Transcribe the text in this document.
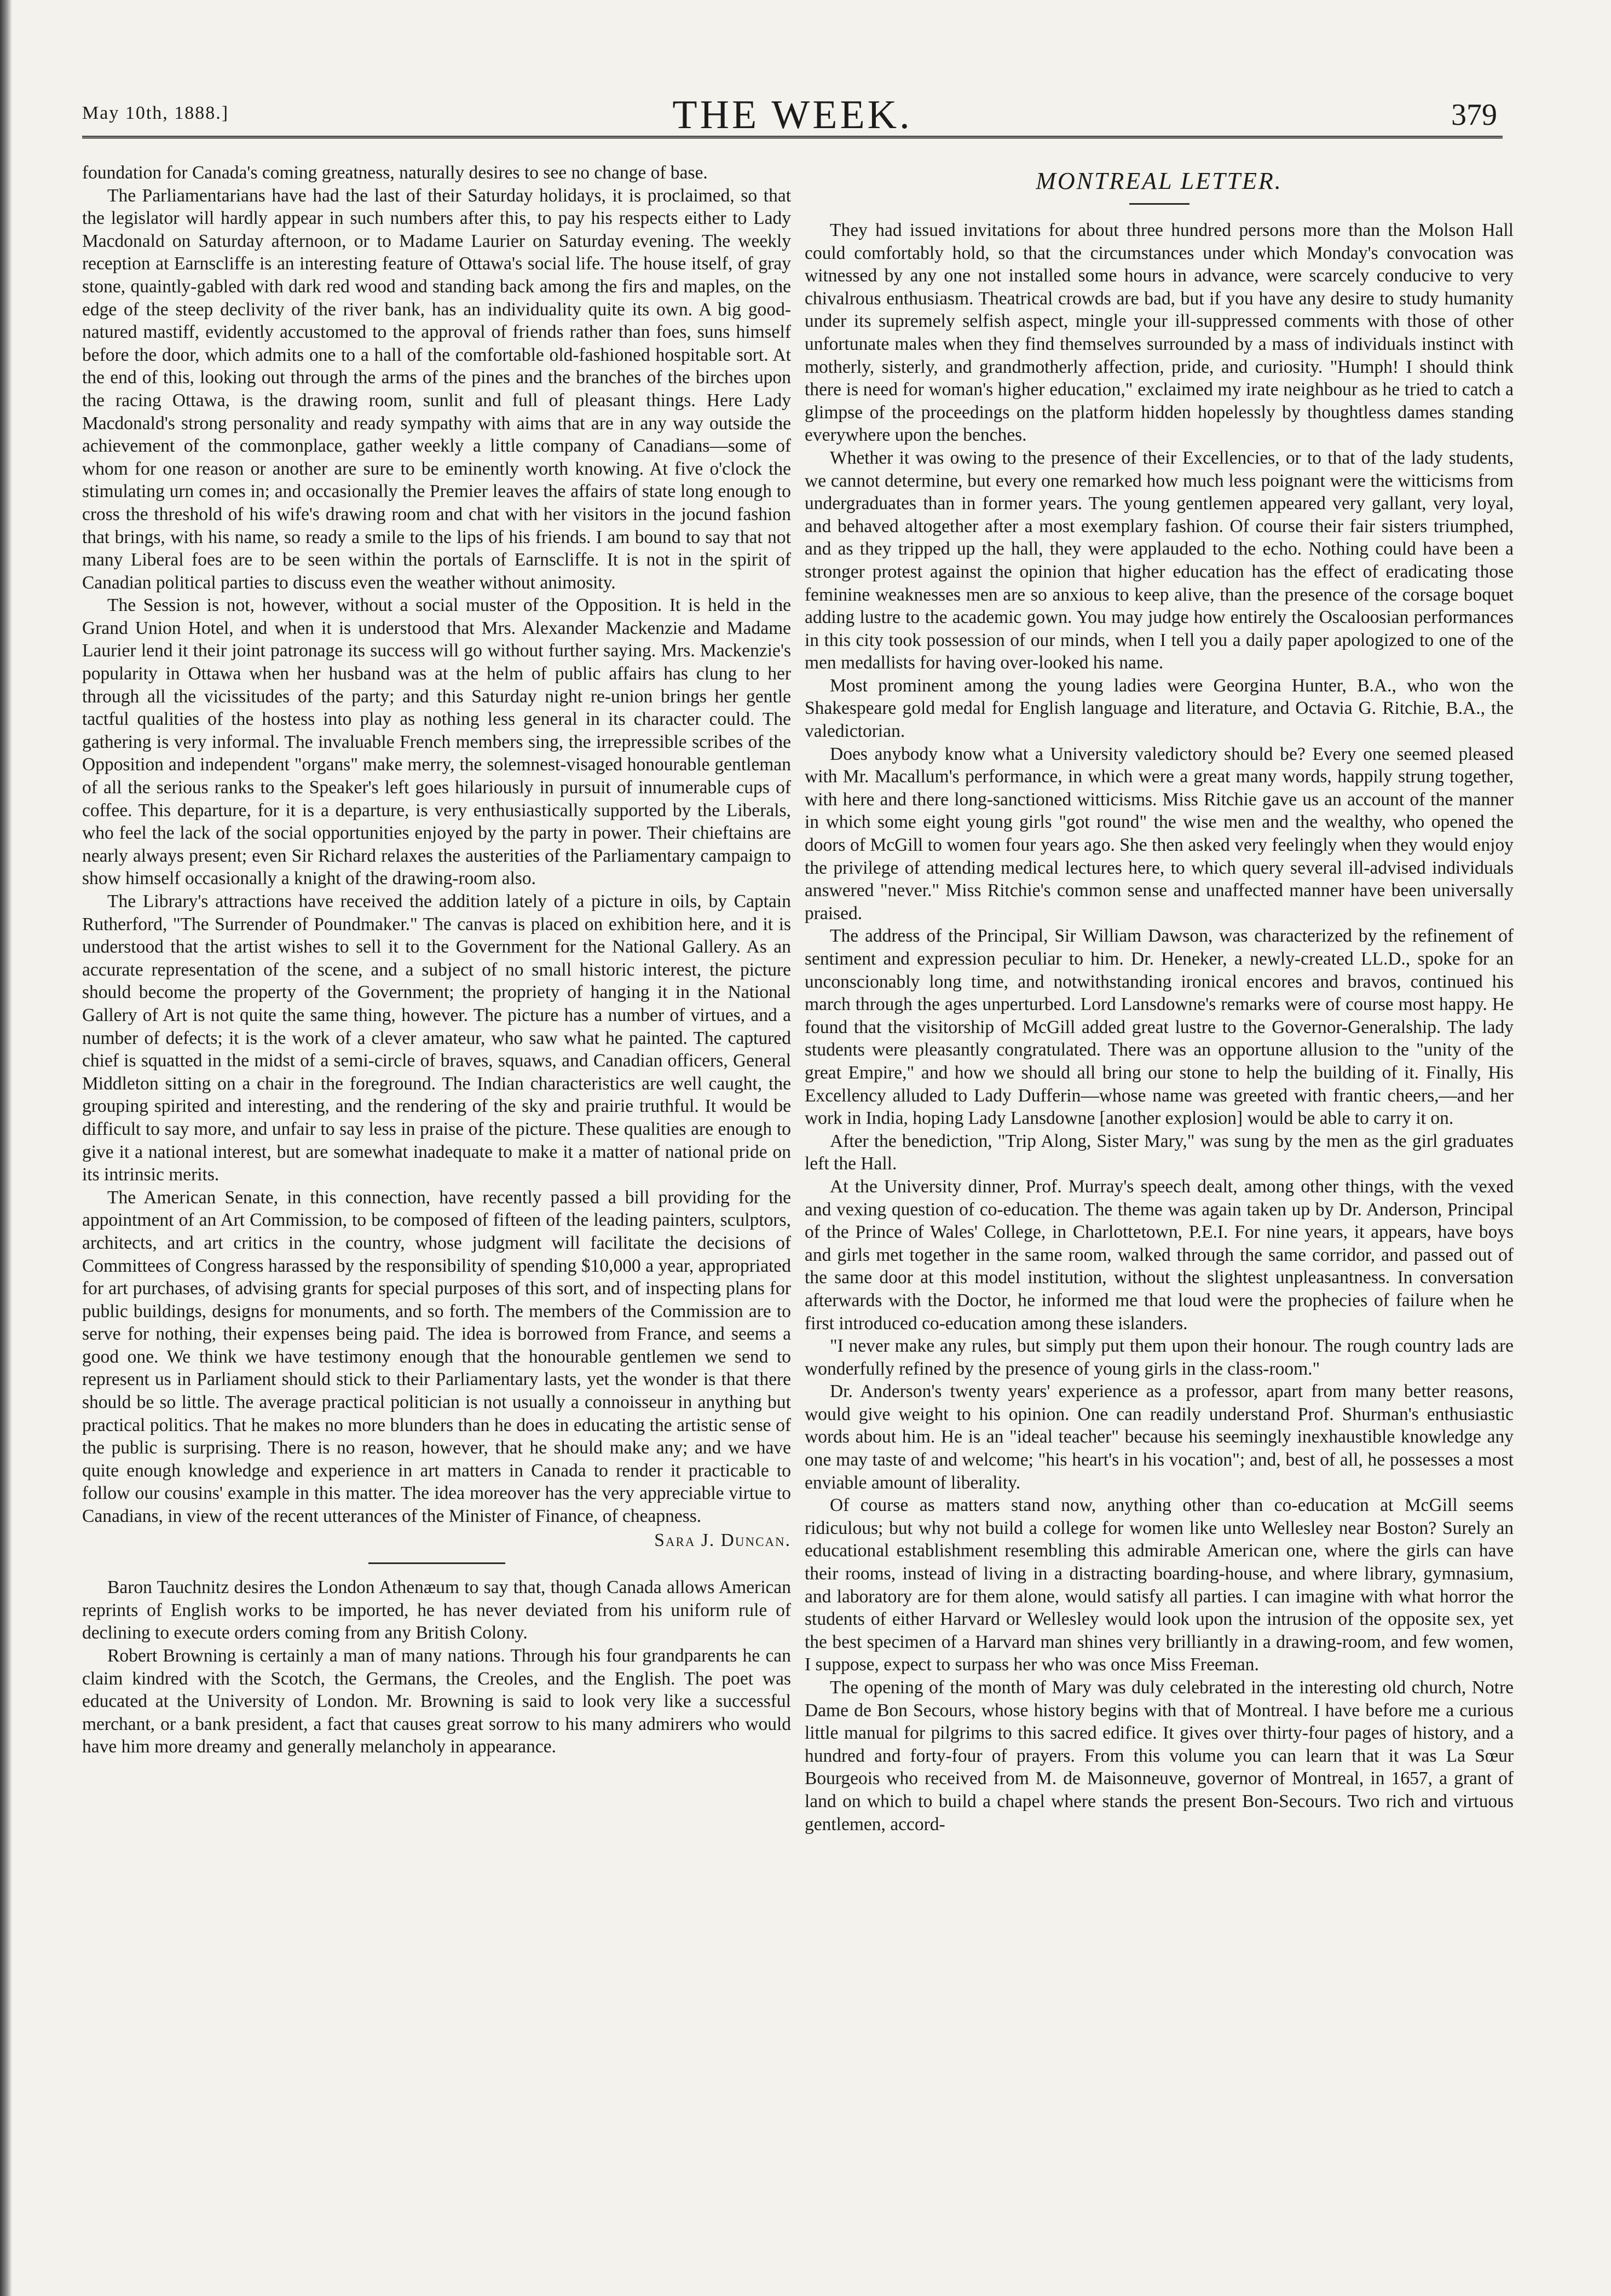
May 10th, 1888.]	THE WEEK.	379

foundation for Canada's coming greatness, naturally desires to see no change of base.

The Parliamentarians have had the last of their Saturday holidays, it is proclaimed, so that the legislator will hardly appear in such numbers after this, to pay his respects either to Lady Macdonald on Saturday afternoon, or to Madame Laurier on Saturday evening. The weekly reception at Earnscliffe is an interesting feature of Ottawa's social life. The house itself, of gray stone, quaintly-gabled with dark red wood and standing back among the firs and maples, on the edge of the steep declivity of the river bank, has an individuality quite its own. A big good-natured mastiff, evidently accustomed to the approval of friends rather than foes, suns himself before the door, which admits one to a hall of the comfortable old-fashioned hospitable sort. At the end of this, looking out through the arms of the pines and the branches of the birches upon the racing Ottawa, is the drawing room, sunlit and full of pleasant things. Here Lady Macdonald's strong personality and ready sympathy with aims that are in any way outside the achievement of the commonplace, gather weekly a little company of Canadians—some of whom for one reason or another are sure to be eminently worth knowing. At five o'clock the stimulating urn comes in; and occasionally the Premier leaves the affairs of state long enough to cross the threshold of his wife's drawing room and chat with her visitors in the jocund fashion that brings, with his name, so ready a smile to the lips of his friends. I am bound to say that not many Liberal foes are to be seen within the portals of Earnscliffe. It is not in the spirit of Canadian political parties to discuss even the weather without animosity.

The Session is not, however, without a social muster of the Opposition. It is held in the Grand Union Hotel, and when it is understood that Mrs. Alexander Mackenzie and Madame Laurier lend it their joint patronage its success will go without further saying. Mrs. Mackenzie's popularity in Ottawa when her husband was at the helm of public affairs has clung to her through all the vicissitudes of the party; and this Saturday night re-union brings her gentle tactful qualities of the hostess into play as nothing less general in its character could. The gathering is very informal. The invaluable French members sing, the irrepressible scribes of the Opposition and independent "organs" make merry, the solemnest-visaged honourable gentleman of all the serious ranks to the Speaker's left goes hilariously in pursuit of innumerable cups of coffee. This departure, for it is a departure, is very enthusiastically supported by the Liberals, who feel the lack of the social opportunities enjoyed by the party in power. Their chieftains are nearly always present; even Sir Richard relaxes the austerities of the Parliamentary campaign to show himself occasionally a knight of the drawing-room also.

The Library's attractions have received the addition lately of a picture in oils, by Captain Rutherford, "The Surrender of Poundmaker." The canvas is placed on exhibition here, and it is understood that the artist wishes to sell it to the Government for the National Gallery. As an accurate representation of the scene, and a subject of no small historic interest, the picture should become the property of the Government; the propriety of hanging it in the National Gallery of Art is not quite the same thing, however. The picture has a number of virtues, and a number of defects; it is the work of a clever amateur, who saw what he painted. The captured chief is squatted in the midst of a semi-circle of braves, squaws, and Canadian officers, General Middleton sitting on a chair in the foreground. The Indian characteristics are well caught, the grouping spirited and interesting, and the rendering of the sky and prairie truthful. It would be difficult to say more, and unfair to say less in praise of the picture. These qualities are enough to give it a national interest, but are somewhat inadequate to make it a matter of national pride on its intrinsic merits.

The American Senate, in this connection, have recently passed a bill providing for the appointment of an Art Commission, to be composed of fifteen of the leading painters, sculptors, architects, and art critics in the country, whose judgment will facilitate the decisions of Committees of Congress harassed by the responsibility of spending $10,000 a year, appropriated for art purchases, of advising grants for special purposes of this sort, and of inspecting plans for public buildings, designs for monuments, and so forth. The members of the Commission are to serve for nothing, their expenses being paid. The idea is borrowed from France, and seems a good one. We think we have testimony enough that the honourable gentlemen we send to represent us in Parliament should stick to their Parliamentary lasts, yet the wonder is that there should be so little. The average practical politician is not usually a connoisseur in anything but practical politics. That he makes no more blunders than he does in educating the artistic sense of the public is surprising. There is no reason, however, that he should make any; and we have quite enough knowledge and experience in art matters in Canada to render it practicable to follow our cousins' example in this matter. The idea moreover has the very appreciable virtue to Canadians, in view of the recent utterances of the Minister of Finance, of cheapness.

Sara J. Duncan.

Baron Tauchnitz desires the London Athenæum to say that, though Canada allows American reprints of English works to be imported, he has never deviated from his uniform rule of declining to execute orders coming from any British Colony.

Robert Browning is certainly a man of many nations. Through his four grandparents he can claim kindred with the Scotch, the Germans, the Creoles, and the English. The poet was educated at the University of London. Mr. Browning is said to look very like a successful merchant, or a bank president, a fact that causes great sorrow to his many admirers who would have him more dreamy and generally melancholy in appearance.

MONTREAL LETTER.

They had issued invitations for about three hundred persons more than the Molson Hall could comfortably hold, so that the circumstances under which Monday's convocation was witnessed by any one not installed some hours in advance, were scarcely conducive to very chivalrous enthusiasm. Theatrical crowds are bad, but if you have any desire to study humanity under its supremely selfish aspect, mingle your ill-suppressed comments with those of other unfortunate males when they find themselves surrounded by a mass of individuals instinct with motherly, sisterly, and grandmotherly affection, pride, and curiosity. "Humph! I should think there is need for woman's higher education," exclaimed my irate neighbour as he tried to catch a glimpse of the proceedings on the platform hidden hopelessly by thoughtless dames standing everywhere upon the benches.

Whether it was owing to the presence of their Excellencies, or to that of the lady students, we cannot determine, but every one remarked how much less poignant were the witticisms from undergraduates than in former years. The young gentlemen appeared very gallant, very loyal, and behaved altogether after a most exemplary fashion. Of course their fair sisters triumphed, and as they tripped up the hall, they were applauded to the echo. Nothing could have been a stronger protest against the opinion that higher education has the effect of eradicating those feminine weaknesses men are so anxious to keep alive, than the presence of the corsage boquet adding lustre to the academic gown. You may judge how entirely the Oscaloosian performances in this city took possession of our minds, when I tell you a daily paper apologized to one of the men medallists for having over-looked his name.

Most prominent among the young ladies were Georgina Hunter, B.A., who won the Shakespeare gold medal for English language and literature, and Octavia G. Ritchie, B.A., the valedictorian.

Does anybody know what a University valedictory should be? Every one seemed pleased with Mr. Macallum's performance, in which were a great many words, happily strung together, with here and there long-sanctioned witticisms. Miss Ritchie gave us an account of the manner in which some eight young girls "got round" the wise men and the wealthy, who opened the doors of McGill to women four years ago. She then asked very feelingly when they would enjoy the privilege of attending medical lectures here, to which query several ill-advised individuals answered "never." Miss Ritchie's common sense and unaffected manner have been universally praised.

The address of the Principal, Sir William Dawson, was characterized by the refinement of sentiment and expression peculiar to him. Dr. Heneker, a newly-created LL.D., spoke for an unconscionably long time, and notwithstanding ironical encores and bravos, continued his march through the ages unperturbed. Lord Lansdowne's remarks were of course most happy. He found that the visitorship of McGill added great lustre to the Governor-Generalship. The lady students were pleasantly congratulated. There was an opportune allusion to the "unity of the great Empire," and how we should all bring our stone to help the building of it. Finally, His Excellency alluded to Lady Dufferin—whose name was greeted with frantic cheers,—and her work in India, hoping Lady Lansdowne [another explosion] would be able to carry it on.

After the benediction, "Trip Along, Sister Mary," was sung by the men as the girl graduates left the Hall.

At the University dinner, Prof. Murray's speech dealt, among other things, with the vexed and vexing question of co-education. The theme was again taken up by Dr. Anderson, Principal of the Prince of Wales' College, in Charlottetown, P.E.I. For nine years, it appears, have boys and girls met together in the same room, walked through the same corridor, and passed out of the same door at this model institution, without the slightest unpleasantness. In conversation afterwards with the Doctor, he informed me that loud were the prophecies of failure when he first introduced co-education among these islanders.

"I never make any rules, but simply put them upon their honour. The rough country lads are wonderfully refined by the presence of young girls in the class-room."

Dr. Anderson's twenty years' experience as a professor, apart from many better reasons, would give weight to his opinion. One can readily understand Prof. Shurman's enthusiastic words about him. He is an "ideal teacher" because his seemingly inexhaustible knowledge any one may taste of and welcome; "his heart's in his vocation"; and, best of all, he possesses a most enviable amount of liberality.

Of course as matters stand now, anything other than co-education at McGill seems ridiculous; but why not build a college for women like unto Wellesley near Boston? Surely an educational establishment resembling this admirable American one, where the girls can have their rooms, instead of living in a distracting boarding-house, and where library, gymnasium, and laboratory are for them alone, would satisfy all parties. I can imagine with what horror the students of either Harvard or Wellesley would look upon the intrusion of the opposite sex, yet the best specimen of a Harvard man shines very brilliantly in a drawing-room, and few women, I suppose, expect to surpass her who was once Miss Freeman.

The opening of the month of Mary was duly celebrated in the interesting old church, Notre Dame de Bon Secours, whose history begins with that of Montreal. I have before me a curious little manual for pilgrims to this sacred edifice. It gives over thirty-four pages of history, and a hundred and forty-four of prayers. From this volume you can learn that it was La Sœur Bourgeois who received from M. de Maisonneuve, governor of Montreal, in 1657, a grant of land on which to build a chapel where stands the present Bon-Secours. Two rich and virtuous gentlemen, accord-
